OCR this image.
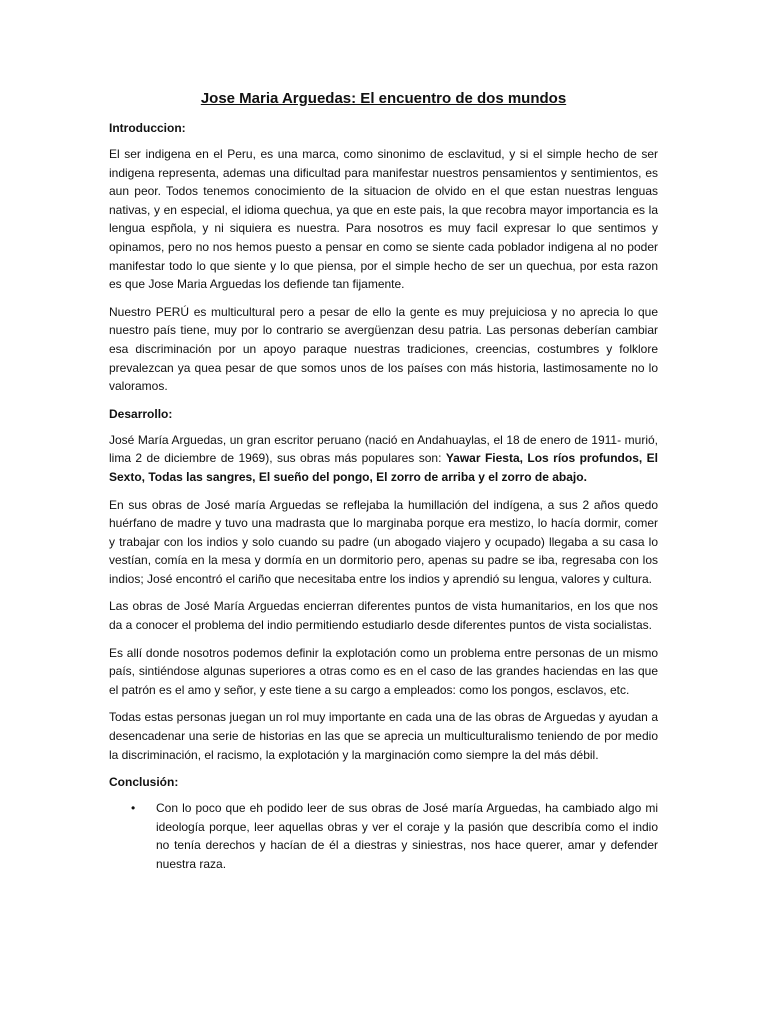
Jose Maria Arguedas: El encuentro de dos mundos
Introduccion:

El ser indigena en el Peru, es una marca, como sinonimo de esclavitud, y si el simple hecho de ser indigena representa, ademas una dificultad para manifestar nuestros pensamientos y sentimientos, es aun peor. Todos tenemos conocimiento de la situacion de olvido en el que estan nuestras lenguas nativas, y en especial, el idioma quechua, ya que en este pais, la que recobra mayor importancia es la lengua espñola, y ni siquiera es nuestra. Para nosotros es muy facil expresar lo que sentimos y opinamos, pero no nos hemos puesto a pensar en como se siente cada poblador indigena al no poder manifestar todo lo que siente y lo que piensa, por el simple hecho de ser un quechua, por esta razon es que Jose Maria Arguedas los defiende tan fijamente.

Nuestro PERÚ es multicultural pero a pesar de ello la gente es muy prejuiciosa y no aprecia lo que nuestro país tiene, muy por lo contrario se avergüenzan desu patria. Las personas deberían cambiar esa discriminación por un apoyo paraque nuestras tradiciones, creencias, costumbres y folklore prevalezcan ya quea pesar de que somos unos de los países con más historia, lastimosamente no lo valoramos.

Desarrollo:

José María Arguedas, un gran escritor peruano (nació en Andahuaylas, el 18 de enero de 1911- murió, lima 2 de diciembre de 1969), sus obras más populares son: Yawar Fiesta, Los ríos profundos, El Sexto, Todas las sangres, El sueño del pongo, El zorro de arriba y el zorro de abajo.

En sus obras de José maría Arguedas se reflejaba la humillación del indígena, a sus 2 años quedo huérfano de madre y tuvo una madrasta que lo marginaba porque era mestizo, lo hacía dormir, comer y trabajar con los indios y solo cuando su padre (un abogado viajero y ocupado) llegaba a su casa lo vestían, comía en la mesa y dormía en un dormitorio pero, apenas su padre se iba, regresaba con los indios; José encontró el cariño que necesitaba entre los indios y aprendió su lengua, valores y cultura.

Las obras de José María Arguedas encierran diferentes puntos de vista humanitarios, en los que nos da a conocer el problema del indio permitiendo estudiarlo desde diferentes puntos de vista socialistas.

Es allí donde nosotros podemos definir la explotación como un problema entre personas de un mismo país, sintiéndose algunas superiores a otras como es en el caso de las grandes haciendas en las que el patrón es el amo y señor, y este tiene a su cargo a empleados: como los pongos, esclavos, etc.

Todas estas personas juegan un rol muy importante en cada una de las obras de Arguedas y ayudan a desencadenar una serie de historias en las que se aprecia un multiculturalismo teniendo de por medio la discriminación, el racismo, la explotación y la marginación como siempre la del más débil.

Conclusión:
• Con lo poco que eh podido leer de sus obras de José maría Arguedas, ha cambiado algo mi ideología porque, leer aquellas obras y ver el coraje y la pasión que describía como el indio no tenía derechos y hacían de él a diestras y siniestras, nos hace querer, amar y defender nuestra raza.
